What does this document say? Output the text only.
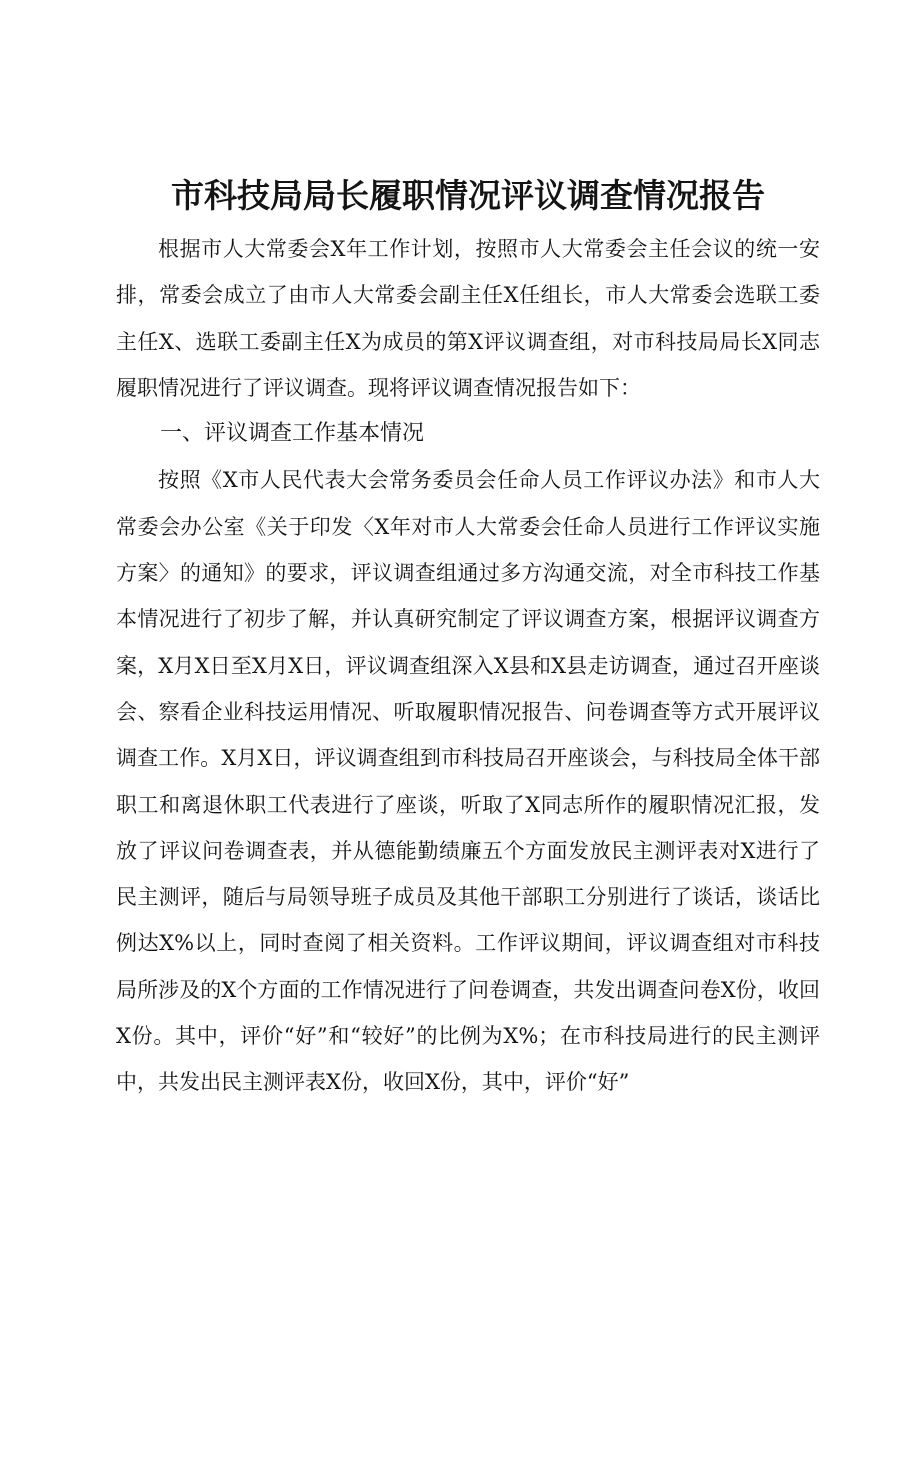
市科技局局长履职情况评议调查情况报告

根据市人大常委会X年工作计划，按照市人大常委会主任会议的统一安排，常委会成立了由市人大常委会副主任X任组长，市人大常委会选联工委主任X、选联工委副主任X为成员的第X评议调查组，对市科技局局长X同志履职情况进行了评议调查。现将评议调查情况报告如下：

一、评议调查工作基本情况

按照《X市人民代表大会常务委员会任命人员工作评议办法》和市人大常委会办公室《关于印发〈X年对市人大常委会任命人员进行工作评议实施方案〉的通知》的要求，评议调查组通过多方沟通交流，对全市科技工作基本情况进行了初步了解，并认真研究制定了评议调查方案，根据评议调查方案，X月X日至X月X日，评议调查组深入X县和X县走访调查，通过召开座谈会、察看企业科技运用情况、听取履职情况报告、问卷调查等方式开展评议调查工作。X月X日，评议调查组到市科技局召开座谈会，与科技局全体干部职工和离退休职工代表进行了座谈，听取了X同志所作的履职情况汇报，发放了评议问卷调查表，并从德能勤绩廉五个方面发放民主测评表对X进行了民主测评，随后与局领导班子成员及其他干部职工分别进行了谈话，谈话比例达X%以上，同时查阅了相关资料。工作评议期间，评议调查组对市科技局所涉及的X个方面的工作情况进行了问卷调查，共发出调查问卷X份，收回X份。其中，评价“好”和“较好”的比例为X%；在市科技局进行的民主测评中，共发出民主测评表X份，收回X份，其中，评价“好”
